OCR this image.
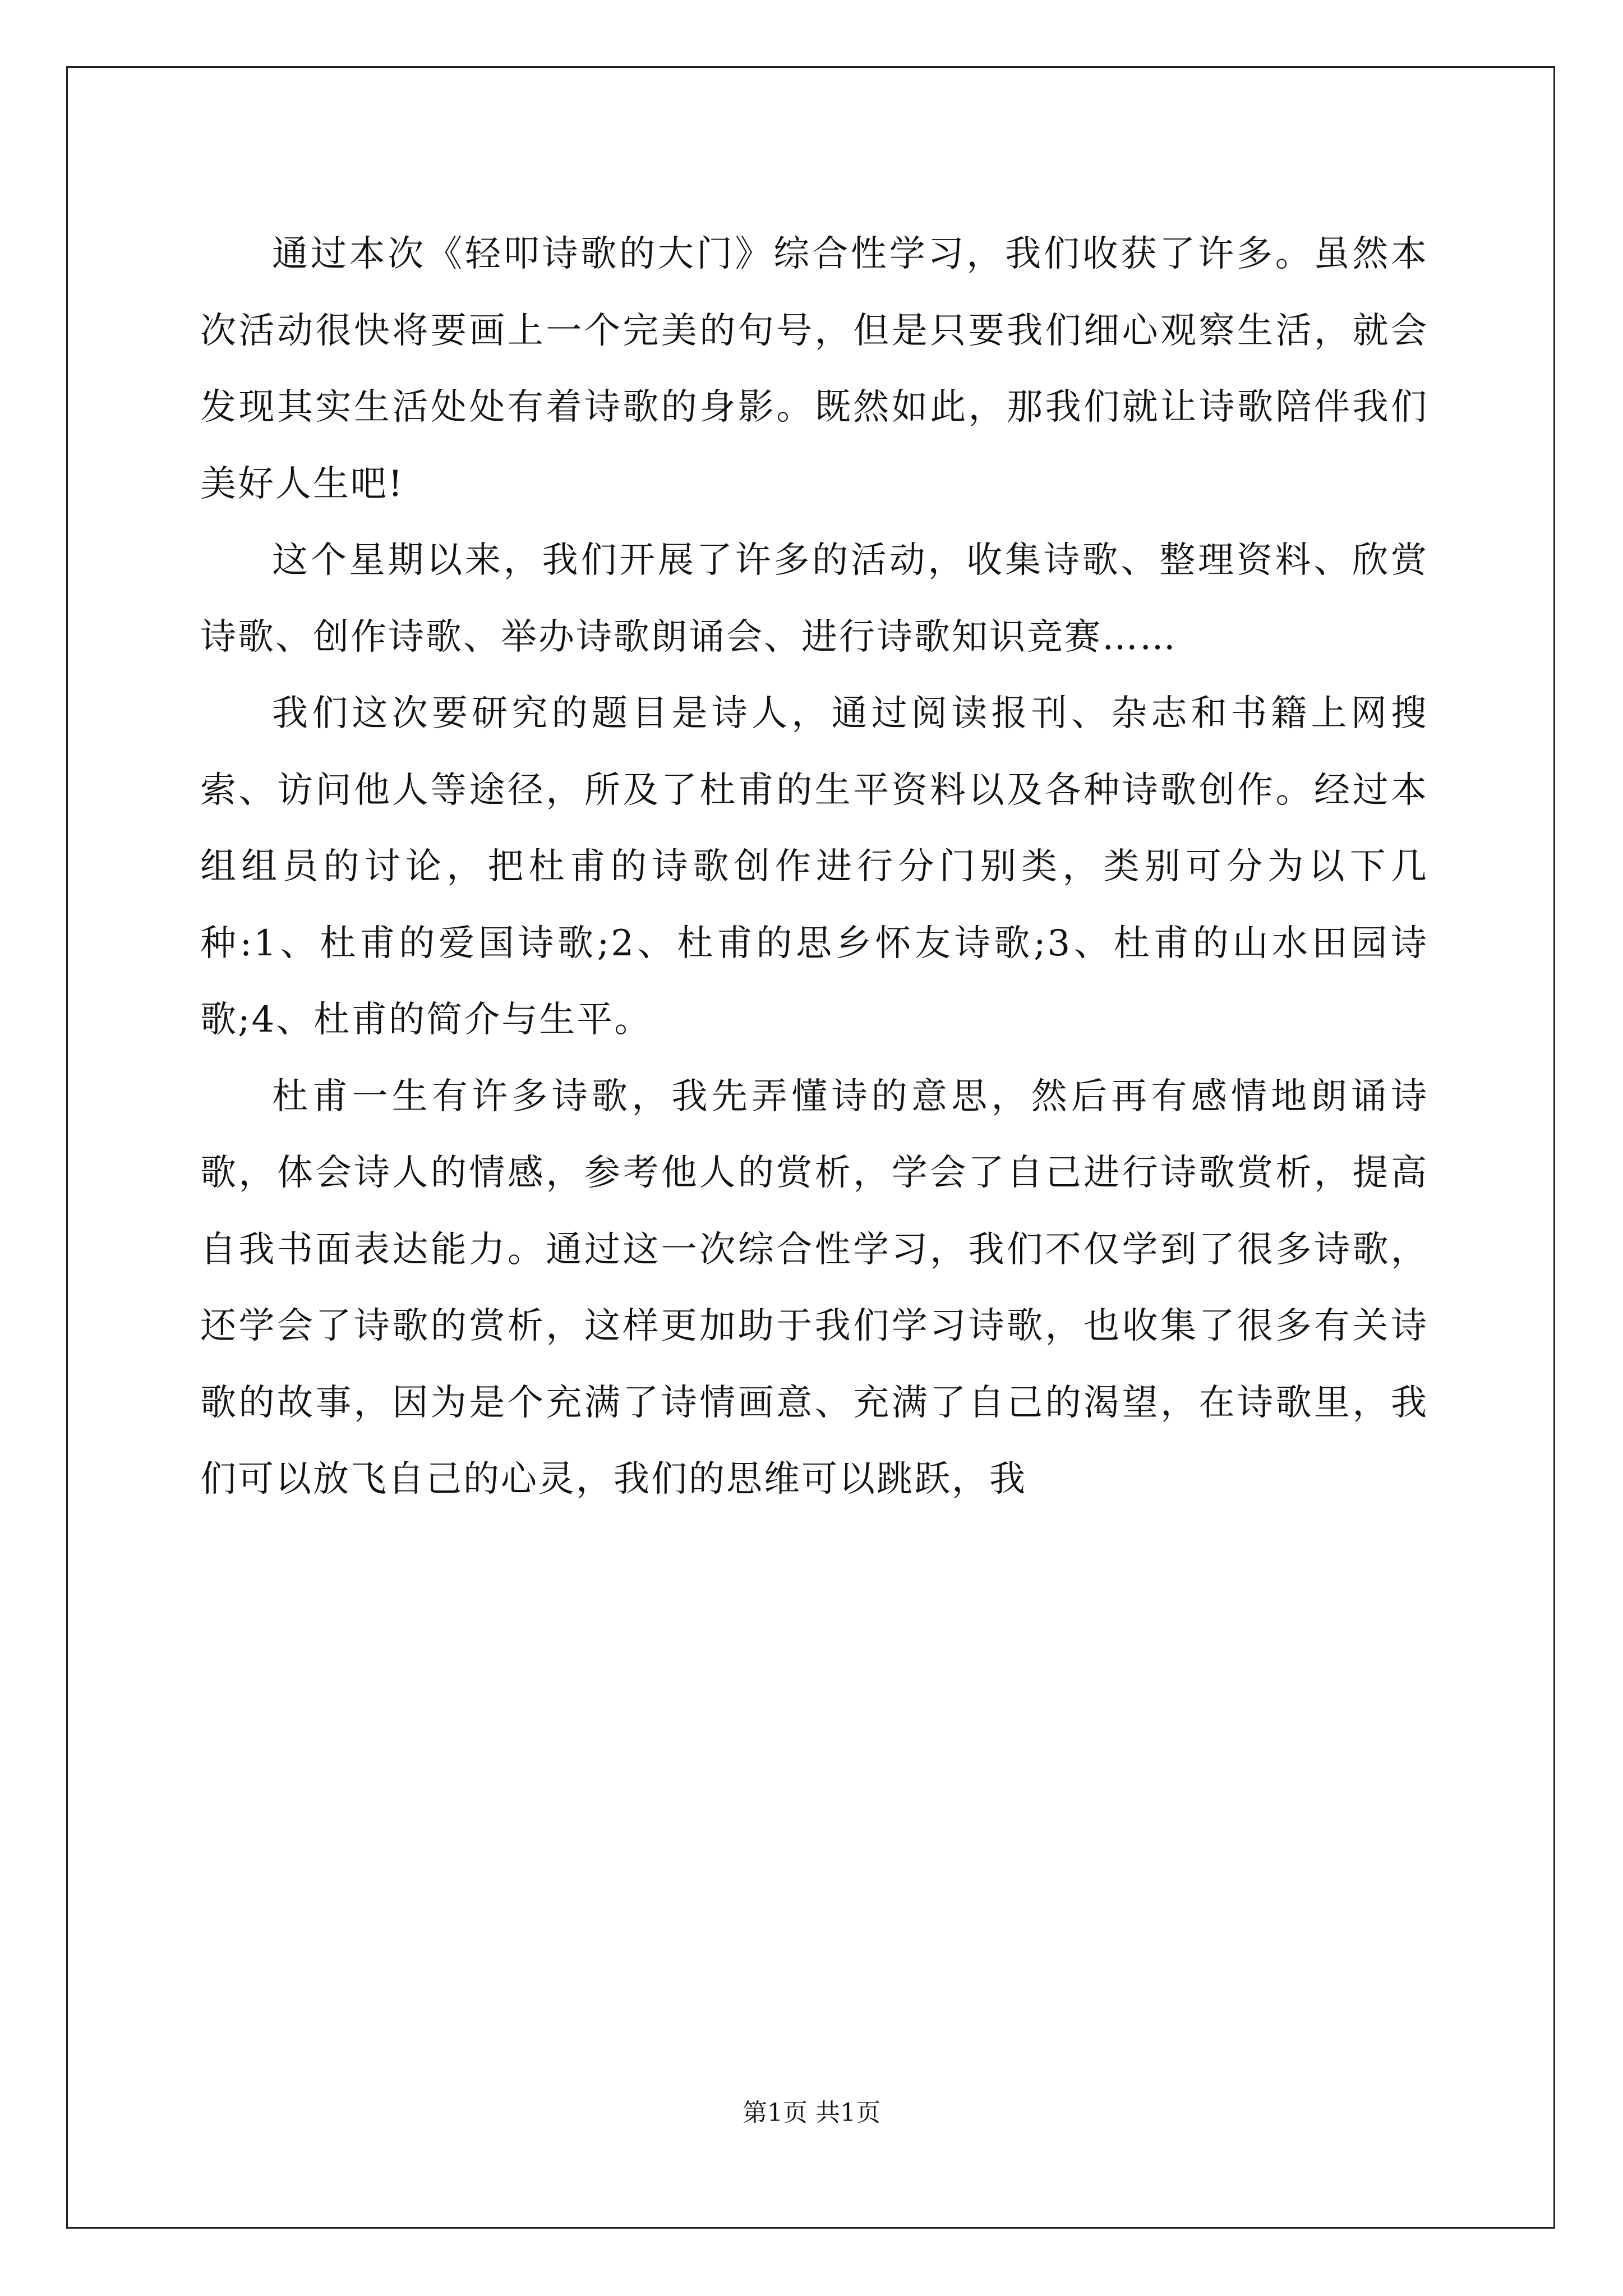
通过本次《轻叩诗歌的大门》综合性学习，我们收获了许多。虽然本次活动很快将要画上一个完美的句号，但是只要我们细心观察生活，就会发现其实生活处处有着诗歌的身影。既然如此，那我们就让诗歌陪伴我们美好人生吧!

这个星期以来，我们开展了许多的活动，收集诗歌、整理资料、欣赏诗歌、创作诗歌、举办诗歌朗诵会、进行诗歌知识竞赛……

我们这次要研究的题目是诗人，通过阅读报刊、杂志和书籍上网搜索、访问他人等途径，所及了杜甫的生平资料以及各种诗歌创作。经过本组组员的讨论，把杜甫的诗歌创作进行分门别类，类别可分为以下几种:1、杜甫的爱国诗歌;2、杜甫的思乡怀友诗歌;3、杜甫的山水田园诗歌;4、杜甫的简介与生平。

杜甫一生有许多诗歌，我先弄懂诗的意思，然后再有感情地朗诵诗歌，体会诗人的情感，参考他人的赏析，学会了自己进行诗歌赏析，提高自我书面表达能力。通过这一次综合性学习，我们不仅学到了很多诗歌，还学会了诗歌的赏析，这样更加助于我们学习诗歌，也收集了很多有关诗歌的故事，因为是个充满了诗情画意、充满了自己的渴望，在诗歌里，我们可以放飞自己的心灵，我们的思维可以跳跃，我

第1页 共1页
